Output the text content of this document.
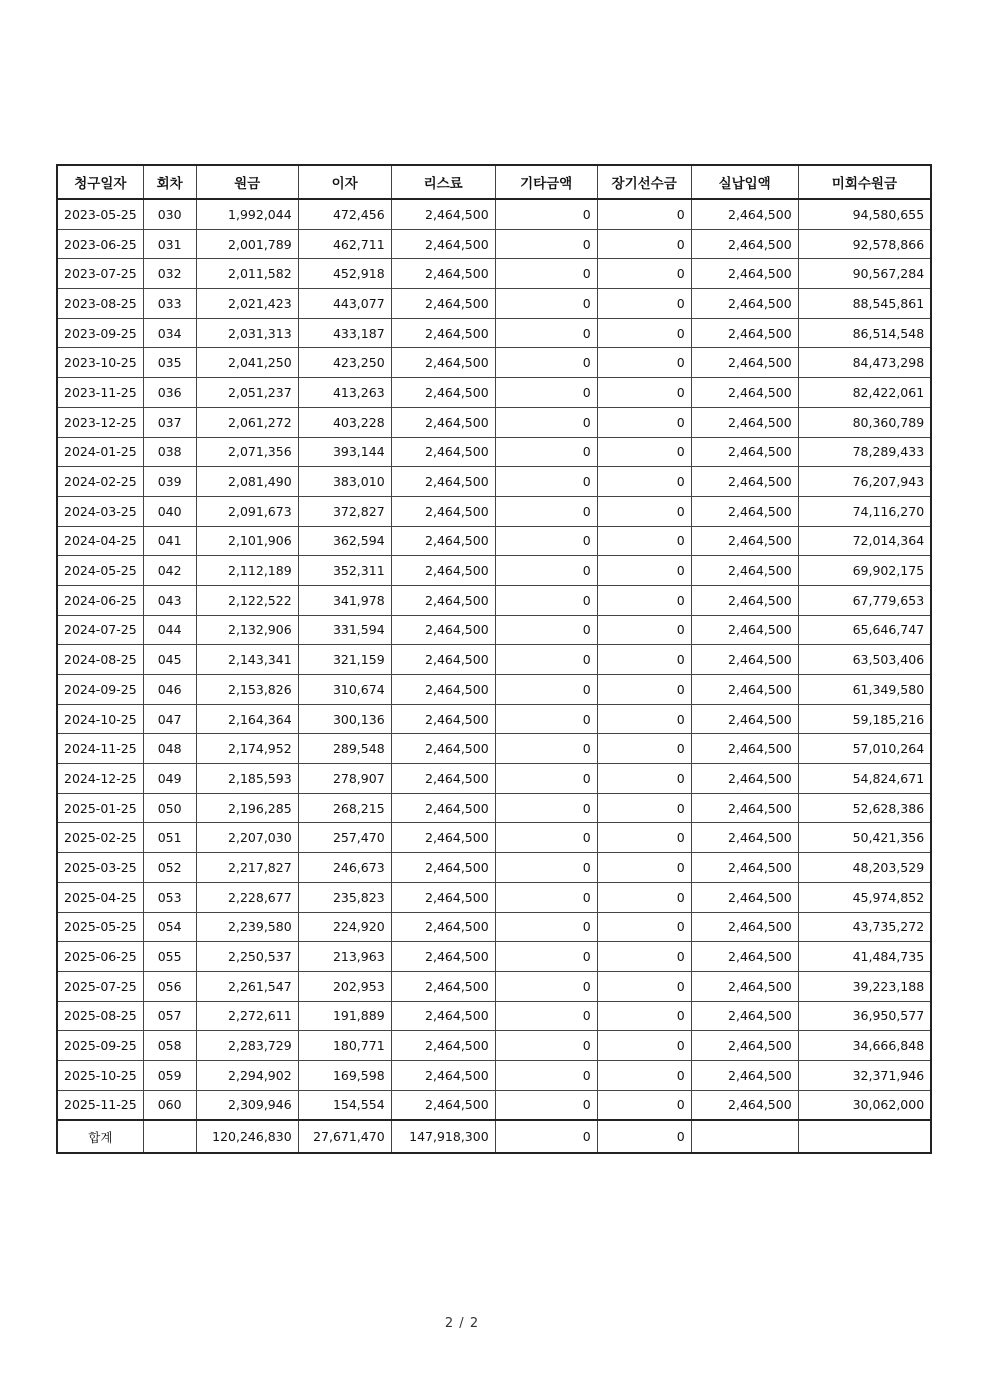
청구일자	회차	원금	이자	리스료	기타금액	장기선수금	실납입액	미회수원금
2023-05-25	030	1,992,044	472,456	2,464,500	0	0	2,464,500	94,580,655
2023-06-25	031	2,001,789	462,711	2,464,500	0	0	2,464,500	92,578,866
2023-07-25	032	2,011,582	452,918	2,464,500	0	0	2,464,500	90,567,284
2023-08-25	033	2,021,423	443,077	2,464,500	0	0	2,464,500	88,545,861
2023-09-25	034	2,031,313	433,187	2,464,500	0	0	2,464,500	86,514,548
2023-10-25	035	2,041,250	423,250	2,464,500	0	0	2,464,500	84,473,298
2023-11-25	036	2,051,237	413,263	2,464,500	0	0	2,464,500	82,422,061
2023-12-25	037	2,061,272	403,228	2,464,500	0	0	2,464,500	80,360,789
2024-01-25	038	2,071,356	393,144	2,464,500	0	0	2,464,500	78,289,433
2024-02-25	039	2,081,490	383,010	2,464,500	0	0	2,464,500	76,207,943
2024-03-25	040	2,091,673	372,827	2,464,500	0	0	2,464,500	74,116,270
2024-04-25	041	2,101,906	362,594	2,464,500	0	0	2,464,500	72,014,364
2024-05-25	042	2,112,189	352,311	2,464,500	0	0	2,464,500	69,902,175
2024-06-25	043	2,122,522	341,978	2,464,500	0	0	2,464,500	67,779,653
2024-07-25	044	2,132,906	331,594	2,464,500	0	0	2,464,500	65,646,747
2024-08-25	045	2,143,341	321,159	2,464,500	0	0	2,464,500	63,503,406
2024-09-25	046	2,153,826	310,674	2,464,500	0	0	2,464,500	61,349,580
2024-10-25	047	2,164,364	300,136	2,464,500	0	0	2,464,500	59,185,216
2024-11-25	048	2,174,952	289,548	2,464,500	0	0	2,464,500	57,010,264
2024-12-25	049	2,185,593	278,907	2,464,500	0	0	2,464,500	54,824,671
2025-01-25	050	2,196,285	268,215	2,464,500	0	0	2,464,500	52,628,386
2025-02-25	051	2,207,030	257,470	2,464,500	0	0	2,464,500	50,421,356
2025-03-25	052	2,217,827	246,673	2,464,500	0	0	2,464,500	48,203,529
2025-04-25	053	2,228,677	235,823	2,464,500	0	0	2,464,500	45,974,852
2025-05-25	054	2,239,580	224,920	2,464,500	0	0	2,464,500	43,735,272
2025-06-25	055	2,250,537	213,963	2,464,500	0	0	2,464,500	41,484,735
2025-07-25	056	2,261,547	202,953	2,464,500	0	0	2,464,500	39,223,188
2025-08-25	057	2,272,611	191,889	2,464,500	0	0	2,464,500	36,950,577
2025-09-25	058	2,283,729	180,771	2,464,500	0	0	2,464,500	34,666,848
2025-10-25	059	2,294,902	169,598	2,464,500	0	0	2,464,500	32,371,946
2025-11-25	060	2,309,946	154,554	2,464,500	0	0	2,464,500	30,062,000
합계		120,246,830	27,671,470	147,918,300	0	0		
2 / 2
